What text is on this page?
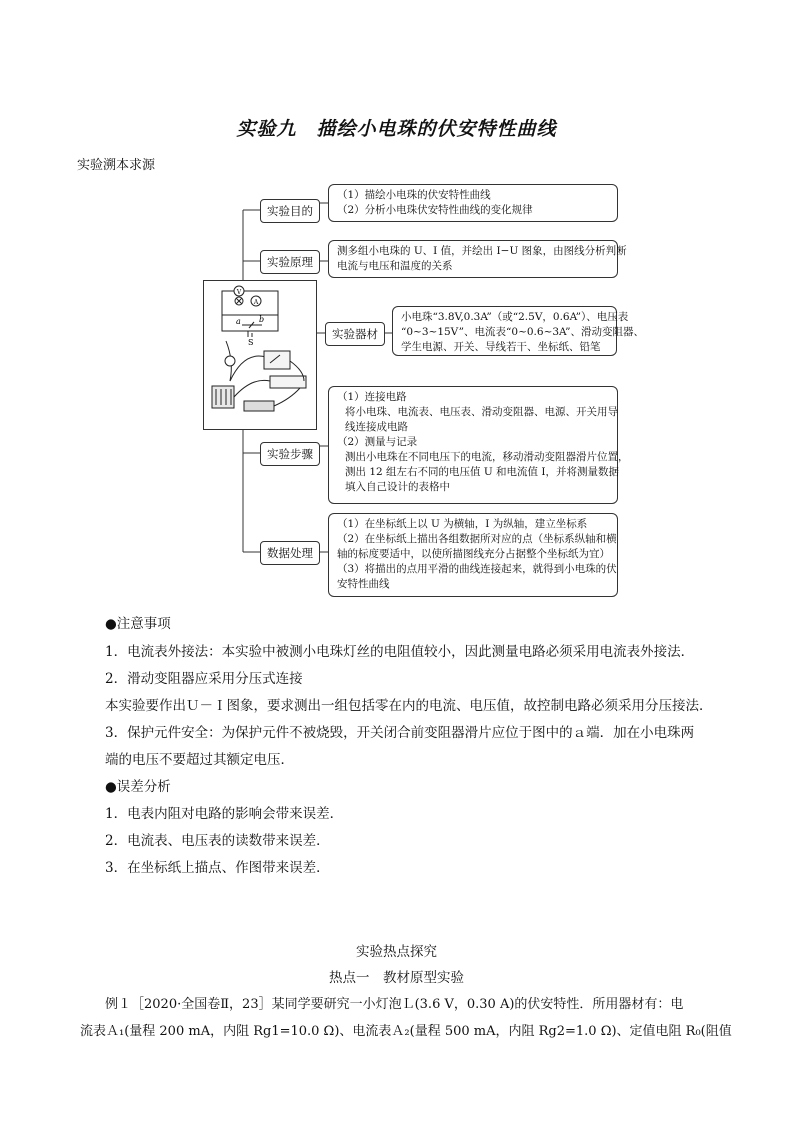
实验九　描绘小电珠的伏安特性曲线
实验溯本求源
实验目的
（1）描绘小电珠的伏安特性曲线
（2）分析小电珠伏安特性曲线的变化规律
实验原理
测多组小电珠的 U、I 值，并绘出 I−U 图象，由图线分析判断
电流与电压和温度的关系
实验器材
小电珠“3.8V,0.3A”（或“2.5V，0.6A”）、电压表
“0~3~15V”、电流表“0~0.6~3A”、滑动变阻器、
学生电源、开关、导线若干、坐标纸、铅笔
实验步骤
（1）连接电路
将小电珠、电流表、电压表、滑动变阻器、电源、开关用导
线连接成电路
（2）测量与记录
测出小电珠在不同电压下的电流，移动滑动变阻器滑片位置，
测出 12 组左右不同的电压值 U 和电流值 I，并将测量数据
填入自己设计的表格中
数据处理
（1）在坐标纸上以 U 为横轴，I 为纵轴，建立坐标系
（2）在坐标纸上描出各组数据所对应的点（坐标系纵轴和横
轴的标度要适中，以使所描图线充分占据整个坐标纸为宜）
（3）将描出的点用平滑的曲线连接起来，就得到小电珠的伏
安特性曲线
V
A
a b
S
●注意事项
1．电流表外接法：本实验中被测小电珠灯丝的电阻值较小，因此测量电路必须采用电流表外接法．
2．滑动变阻器应采用分压式连接
本实验要作出Ｕ－Ｉ图象，要求测出一组包括零在内的电流、电压值，故控制电路必须采用分压接法．
3．保护元件安全：为保护元件不被烧毁，开关闭合前变阻器滑片应位于图中的ａ端．加在小电珠两
端的电压不要超过其额定电压．
●误差分析
1．电表内阻对电路的影响会带来误差．
2．电流表、电压表的读数带来误差．
3．在坐标纸上描点、作图带来误差．
实验热点探究
热点一　教材原型实验
例１［2020·全国卷Ⅱ，23］某同学要研究一小灯泡Ｌ(3.6 V，0.30 A)的伏安特性．所用器材有：电
流表Ａ₁(量程 200 mA，内阻 Rg1=10.0 Ω)、电流表Ａ₂(量程 500 mA，内阻 Rg2=1.0 Ω)、定值电阻 R₀(阻值
